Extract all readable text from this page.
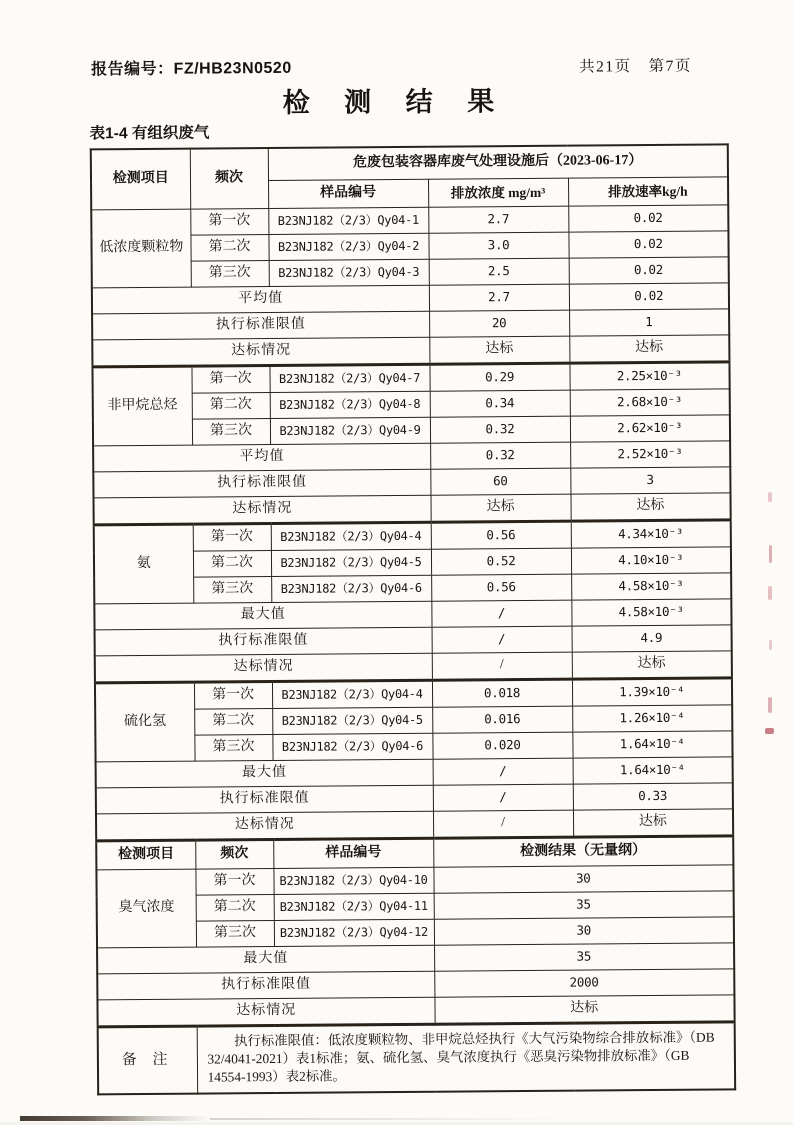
报告编号：FZ/HB23N0520	共21页　第7页
检 测 结 果
表1-4 有组织废气
检测项目	频次	危废包装容器库废气处理设施后（2023-06-17）		
		样品编号	排放浓度 mg/m³	排放速率kg/h
低浓度颗粒物	第一次	B23NJ182（2/3）Qy04-1	2.7	0.02
	第二次	B23NJ182（2/3）Qy04-2	3.0	0.02
	第三次	B23NJ182（2/3）Qy04-3	2.5	0.02
平均值			2.7	0.02
执行标准限值			20	1
达标情况			达标	达标
非甲烷总烃	第一次	B23NJ182（2/3）Qy04-7	0.29	2.25×10⁻³
	第二次	B23NJ182（2/3）Qy04-8	0.34	2.68×10⁻³
	第三次	B23NJ182（2/3）Qy04-9	0.32	2.62×10⁻³
平均值			0.32	2.52×10⁻³
执行标准限值			60	3
达标情况			达标	达标
氨	第一次	B23NJ182（2/3）Qy04-4	0.56	4.34×10⁻³
	第二次	B23NJ182（2/3）Qy04-5	0.52	4.10×10⁻³
	第三次	B23NJ182（2/3）Qy04-6	0.56	4.58×10⁻³
最大值			/	4.58×10⁻³
执行标准限值			/	4.9
达标情况			/	达标
硫化氢	第一次	B23NJ182（2/3）Qy04-4	0.018	1.39×10⁻⁴
	第二次	B23NJ182（2/3）Qy04-5	0.016	1.26×10⁻⁴
	第三次	B23NJ182（2/3）Qy04-6	0.020	1.64×10⁻⁴
最大值			/	1.64×10⁻⁴
执行标准限值			/	0.33
达标情况			/	达标
检测项目	频次	样品编号	检测结果（无量纲）	
臭气浓度	第一次	B23NJ182（2/3）Qy04-10	30	
	第二次	B23NJ182（2/3）Qy04-11	35	
	第三次	B23NJ182（2/3）Qy04-12	30	
最大值			35	
执行标准限值			2000	
达标情况			达标	
备 注	执行标准限值：低浓度颗粒物、非甲烷总烃执行《大气污染物综合排放标准》（DB 32/4041-2021）表1标准；氨、硫化氢、臭气浓度执行《恶臭污染物排放标准》（GB 14554-1993）表2标准。			
